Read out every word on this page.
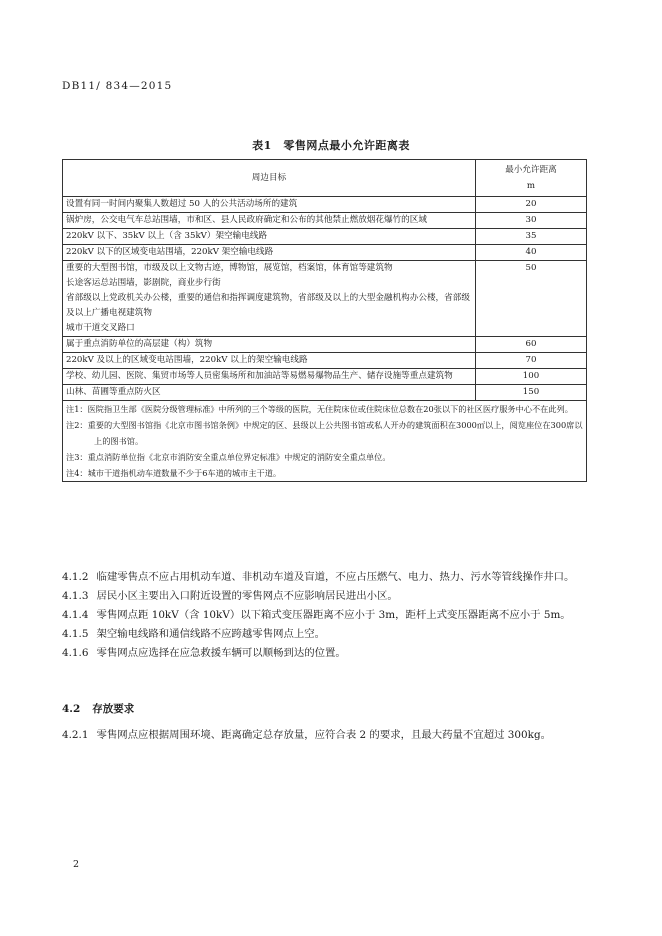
DB11/ 834—2015
表1　零售网点最小允许距离表
周边目标	最小允许距离
m

设置有同一时间内聚集人数超过 50 人的公共活动场所的建筑	20

锅炉房，公交电气车总站围墙，市和区、县人民政府确定和公布的其他禁止燃放烟花爆竹的区域	30

220kV 以下、35kV 以上（含 35kV）架空输电线路	35

220kV 以下的区域变电站围墙，220kV 架空输电线路	40

重要的大型图书馆，市级及以上文物古迹，博物馆，展览馆，档案馆，体育馆等建筑物
长途客运总站围墙，影剧院，商业步行街
省部级以上党政机关办公楼，重要的通信和指挥调度建筑物，省部级及以上的大型金融机构办公楼，省部级及以上广播电视建筑物
城市干道交叉路口	50

属于重点消防单位的高层建（构）筑物	60

220kV 及以上的区域变电站围墙，220kV 以上的架空输电线路	70

学校、幼儿园、医院、集贸市场等人员密集场所和加油站等易燃易爆物品生产、储存设施等重点建筑物	100

山林、苗圃等重点防火区	150

注1：医院指卫生部《医院分级管理标准》中所列的三个等级的医院，无住院床位或住院床位总数在20张以下的社区医疗服务中心不在此列。
注2：重要的大型图书馆指《北京市图书馆条例》中规定的区、县级以上公共图书馆或私人开办的建筑面积在3000㎡以上，阅览座位在300席以上的图书馆。
注3：重点消防单位指《北京市消防安全重点单位界定标准》中规定的消防安全重点单位。
注4：城市干道指机动车道数量不少于6车道的城市主干道。	
4.1.2 临建零售点不应占用机动车道、非机动车道及盲道，不应占压燃气、电力、热力、污水等管线操作井口。
4.1.3 居民小区主要出入口附近设置的零售网点不应影响居民进出小区。
4.1.4 零售网点距 10kV（含 10kV）以下箱式变压器距离不应小于 3m，距杆上式变压器距离不应小于 5m。
4.1.5 架空输电线路和通信线路不应跨越零售网点上空。
4.1.6 零售网点应选择在应急救援车辆可以顺畅到达的位置。
4.2 存放要求
4.2.1 零售网点应根据周围环境、距离确定总存放量，应符合表 2 的要求，且最大药量不宜超过 300kg。
2
